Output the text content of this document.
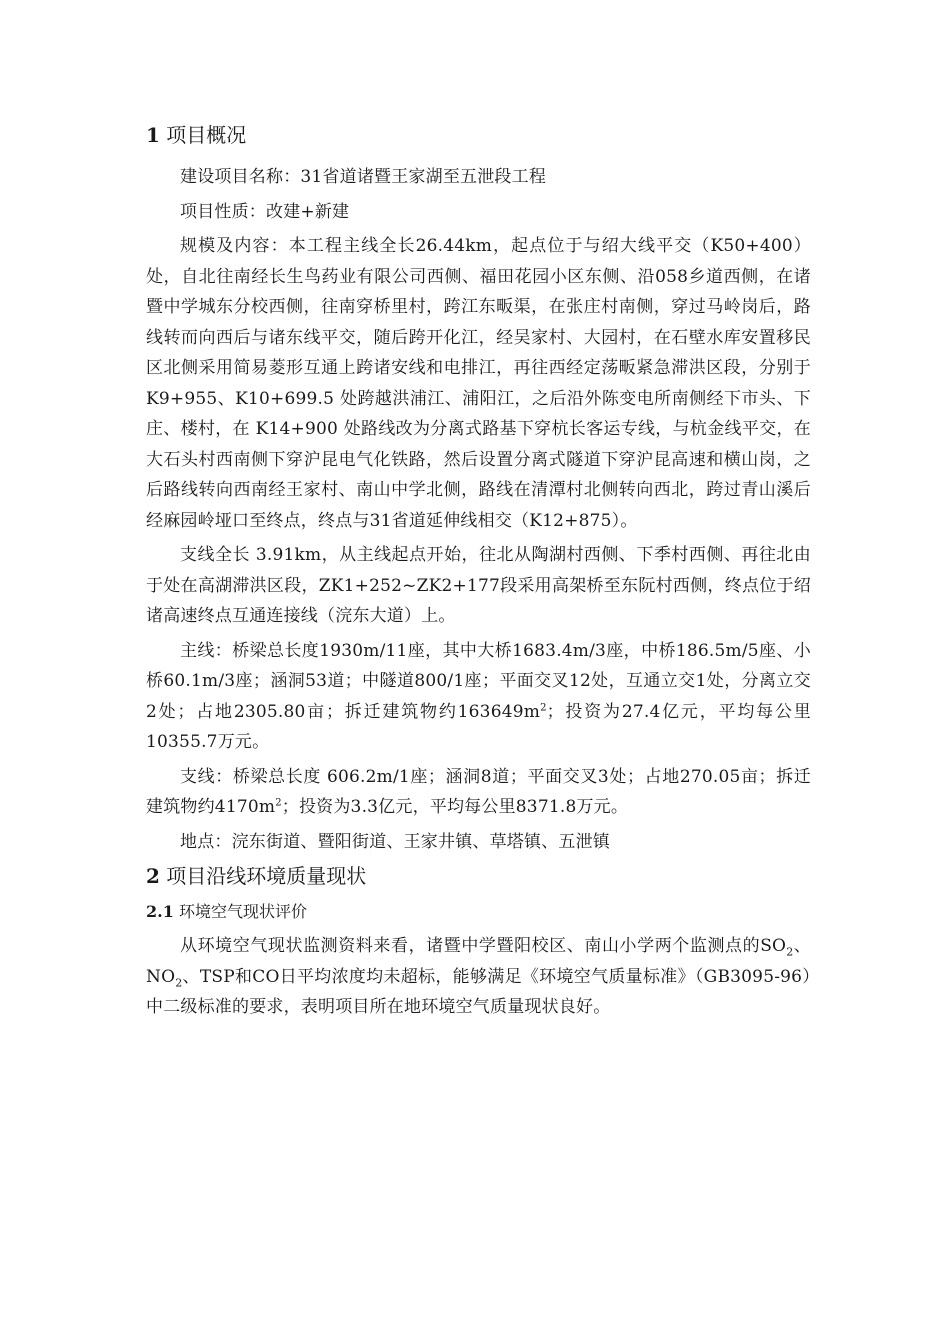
1 项目概况

建设项目名称：31省道诸暨王家湖至五泄段工程

项目性质：改建+新建

规模及内容：本工程主线全长26.44km，起点位于与绍大线平交（K50+400）处，自北往南经长生鸟药业有限公司西侧、福田花园小区东侧、沿058乡道西侧，在诸暨中学城东分校西侧，往南穿桥里村，跨江东畈渠，在张庄村南侧，穿过马岭岗后，路线转而向西后与诸东线平交，随后跨开化江，经吴家村、大园村，在石壁水库安置移民区北侧采用简易菱形互通上跨诸安线和电排江，再往西经定荡畈紧急滞洪区段，分别于 K9+955、K10+699.5 处跨越洪浦江、浦阳江，之后沿外陈变电所南侧经下市头、下庄、楼村，在 K14+900 处路线改为分离式路基下穿杭长客运专线，与杭金线平交，在大石头村西南侧下穿沪昆电气化铁路，然后设置分离式隧道下穿沪昆高速和横山岗，之后路线转向西南经王家村、南山中学北侧，路线在清潭村北侧转向西北，跨过青山溪后经麻园岭垭口至终点，终点与31省道延伸线相交（K12+875）。

支线全长 3.91km，从主线起点开始，往北从陶湖村西侧、下季村西侧、再往北由于处在高湖滞洪区段，ZK1+252~ZK2+177段采用高架桥至东阮村西侧，终点位于绍诸高速终点互通连接线（浣东大道）上。

主线：桥梁总长度1930m/11座，其中大桥1683.4m/3座，中桥186.5m/5座、小桥60.1m/3座；涵洞53道；中隧道800/1座；平面交叉12处，互通立交1处，分离立交2处；占地2305.80亩；拆迁建筑物约$163649m^2$；投资为27.4亿元，平均每公里10355.7万元。

支线：桥梁总长度 606.2m/1座；涵洞8道；平面交叉3处；占地270.05亩；拆迁建筑物约$4170m^2$；投资为3.3亿元，平均每公里8371.8万元。

地点：浣东街道、暨阳街道、王家井镇、草塔镇、五泄镇

2 项目沿线环境质量现状
2.1 环境空气现状评价

从环境空气现状监测资料来看，诸暨中学暨阳校区、南山小学两个监测点的$SO_2$、$NO_2$、TSP和CO日平均浓度均未超标，能够满足《环境空气质量标准》（GB3095-96）中二级标准的要求，表明项目所在地环境空气质量现状良好。
